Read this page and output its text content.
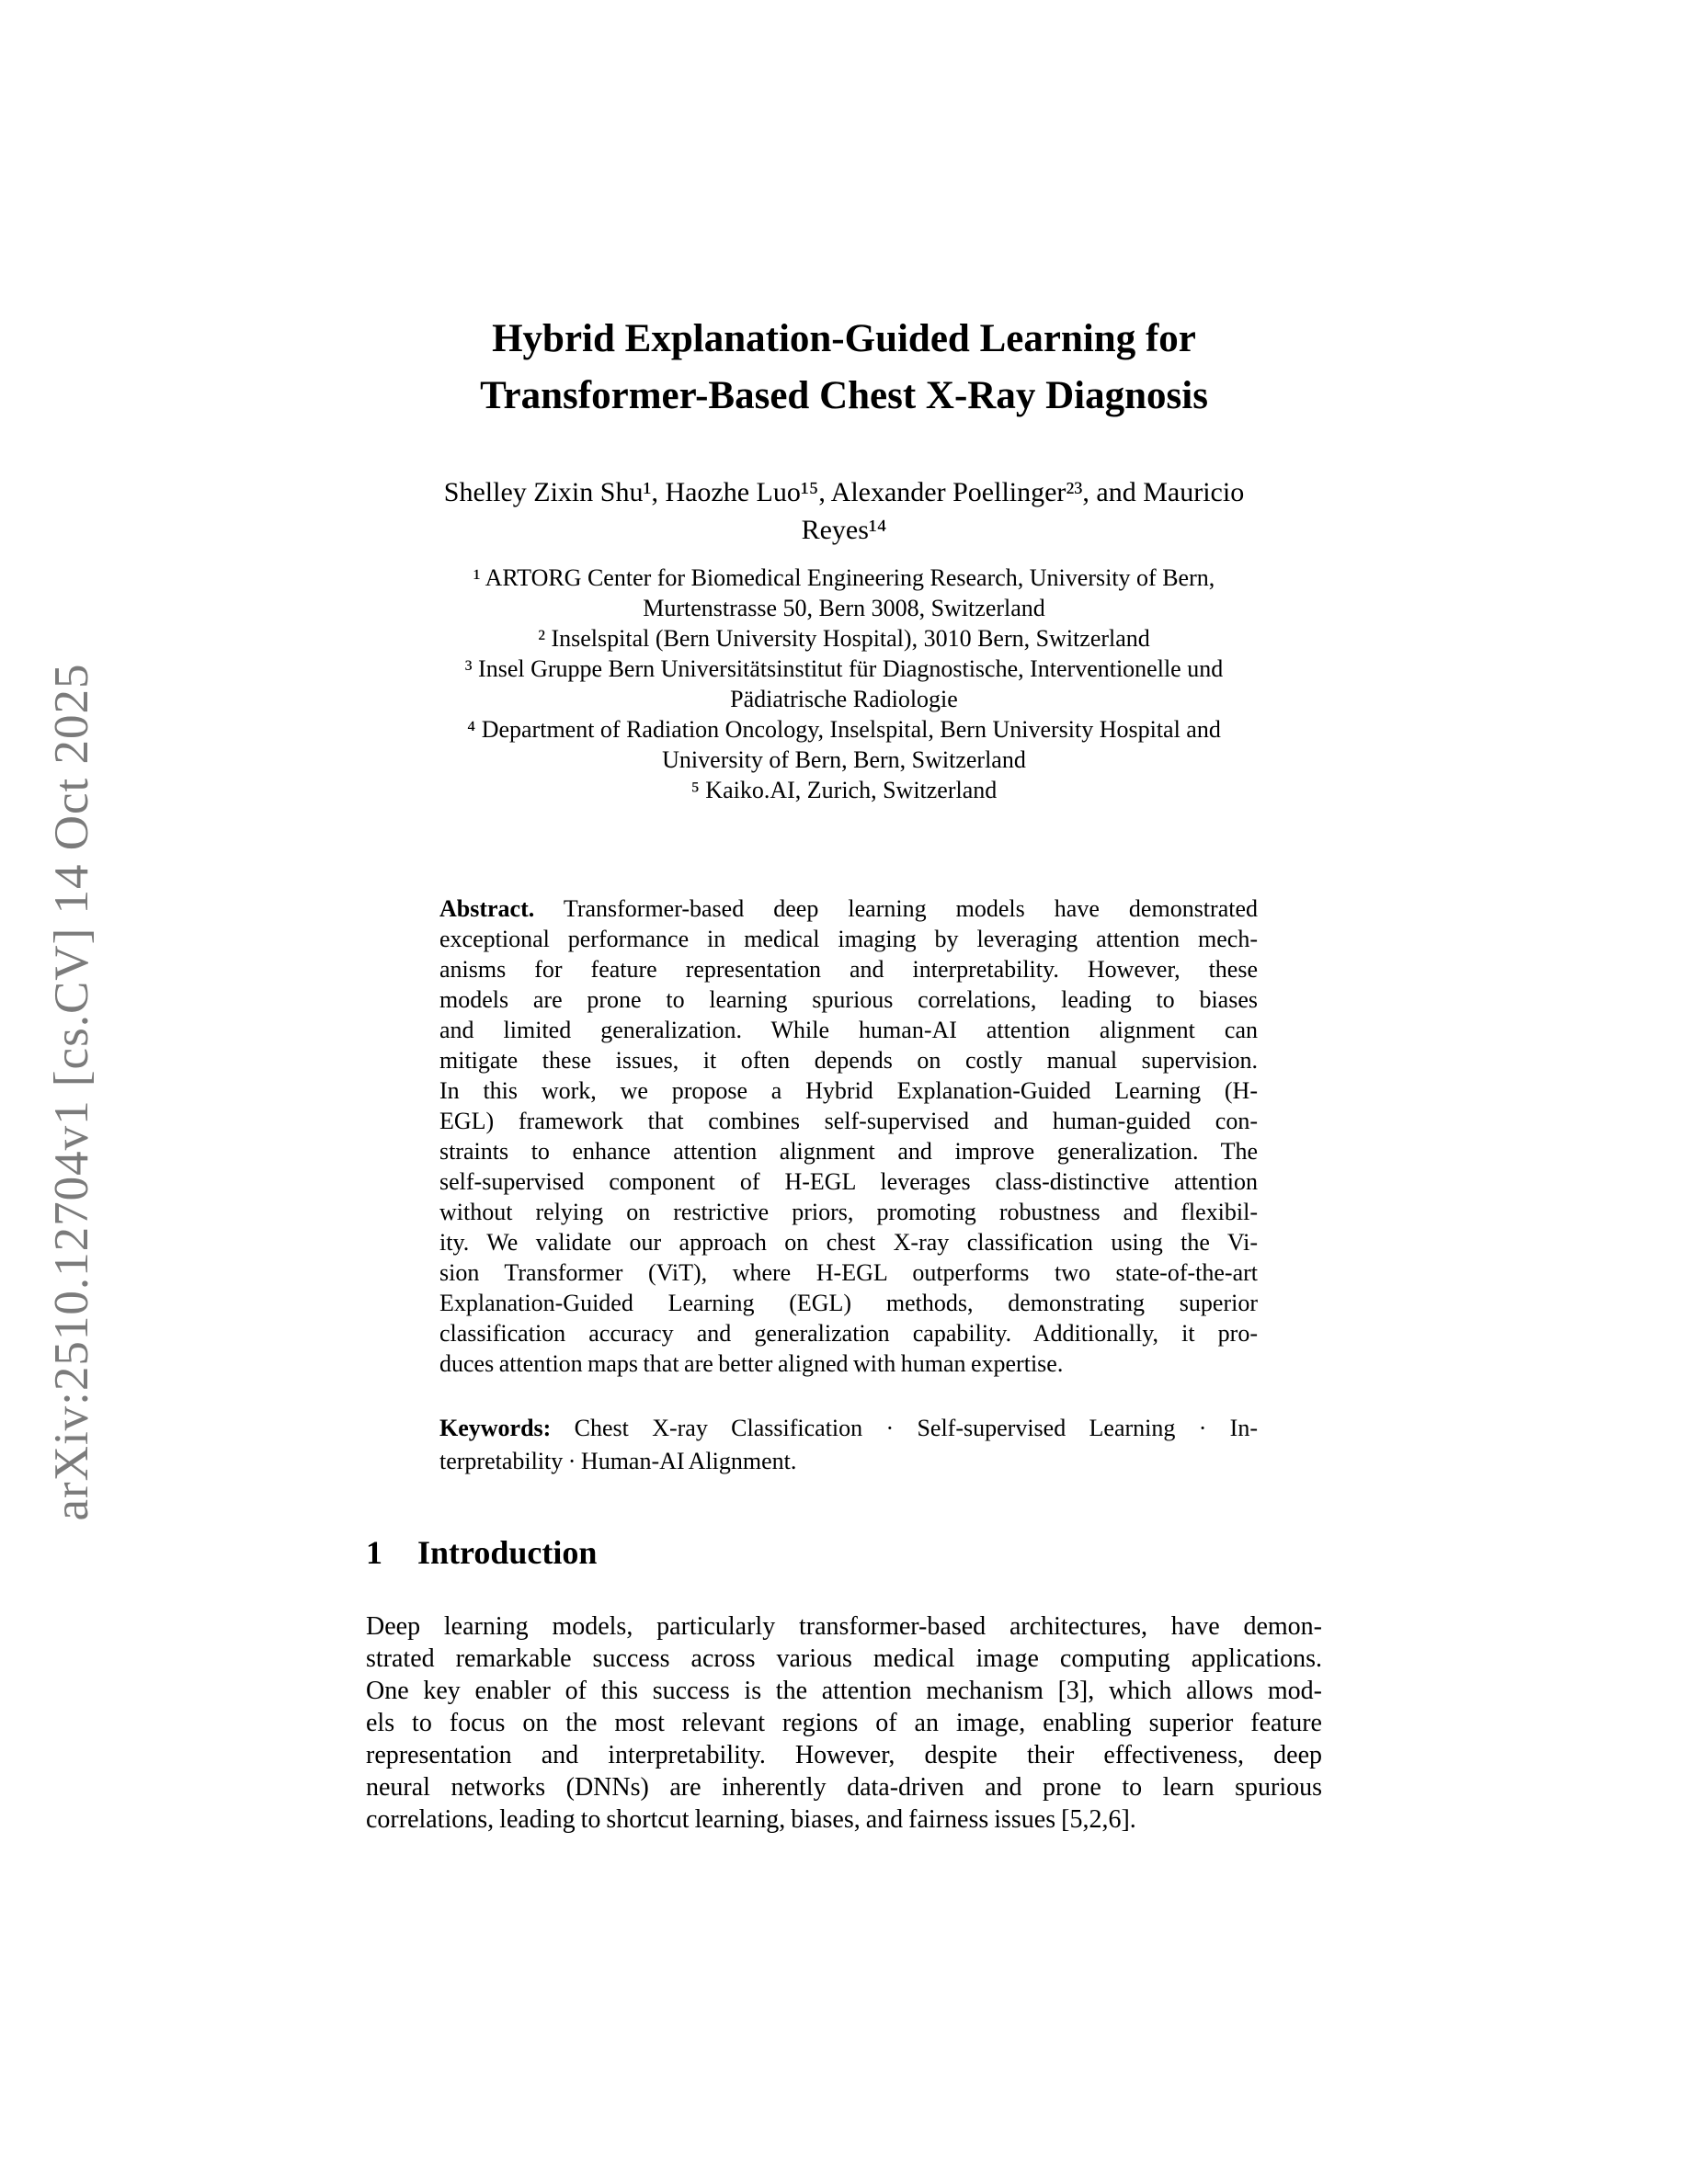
arXiv:2510.12704v1 [cs.CV] 14 Oct 2025
Hybrid Explanation-Guided Learning for
Transformer-Based Chest X-Ray Diagnosis
Shelley Zixin Shu¹, Haozhe Luo¹⁵, Alexander Poellinger²³, and Mauricio
Reyes¹⁴
¹ ARTORG Center for Biomedical Engineering Research, University of Bern,
Murtenstrasse 50, Bern 3008, Switzerland
² Inselspital (Bern University Hospital), 3010 Bern, Switzerland
³ Insel Gruppe Bern Universitätsinstitut für Diagnostische, Interventionelle und
Pädiatrische Radiologie
⁴ Department of Radiation Oncology, Inselspital, Bern University Hospital and
University of Bern, Bern, Switzerland
⁵ Kaiko.AI, Zurich, Switzerland
Abstract. Transformer-based deep learning models have demonstrated
exceptional performance in medical imaging by leveraging attention mech-
anisms for feature representation and interpretability. However, these
models are prone to learning spurious correlations, leading to biases
and limited generalization. While human-AI attention alignment can
mitigate these issues, it often depends on costly manual supervision.
In this work, we propose a Hybrid Explanation-Guided Learning (H-
EGL) framework that combines self-supervised and human-guided con-
straints to enhance attention alignment and improve generalization. The
self-supervised component of H-EGL leverages class-distinctive attention
without relying on restrictive priors, promoting robustness and flexibil-
ity. We validate our approach on chest X-ray classification using the Vi-
sion Transformer (ViT), where H-EGL outperforms two state-of-the-art
Explanation-Guided Learning (EGL) methods, demonstrating superior
classification accuracy and generalization capability. Additionally, it pro-
duces attention maps that are better aligned with human expertise.
Keywords: Chest X-ray Classification · Self-supervised Learning · In-
terpretability · Human-AI Alignment.
1 Introduction
Deep learning models, particularly transformer-based architectures, have demon-
strated remarkable success across various medical image computing applications.
One key enabler of this success is the attention mechanism [3], which allows mod-
els to focus on the most relevant regions of an image, enabling superior feature
representation and interpretability. However, despite their effectiveness, deep
neural networks (DNNs) are inherently data-driven and prone to learn spurious
correlations, leading to shortcut learning, biases, and fairness issues [5,2,6].
